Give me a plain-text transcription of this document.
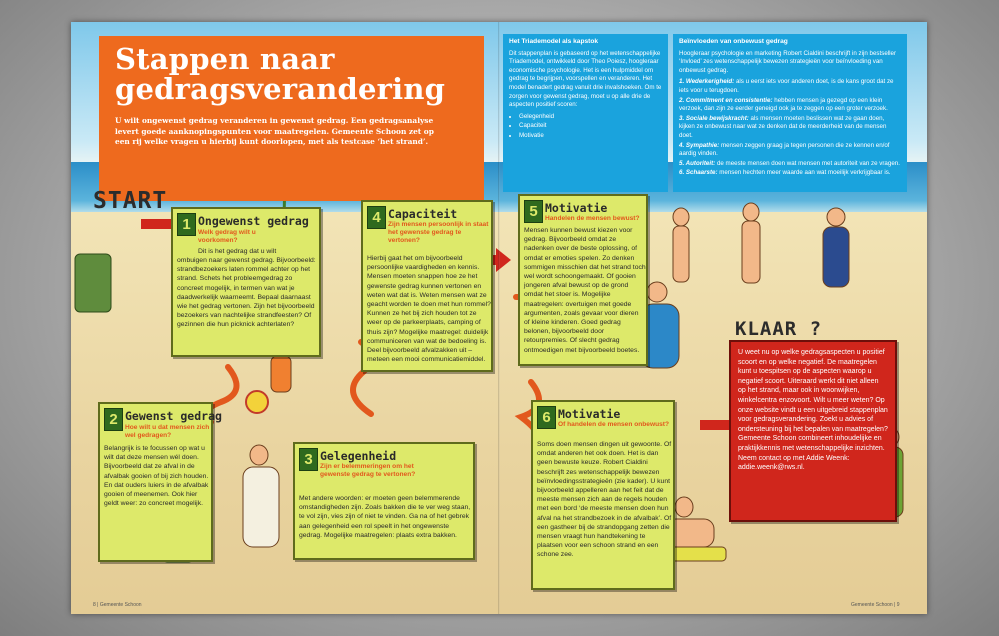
Stappen naar gedragsverandering

U wilt ongewenst gedrag veranderen in gewenst gedrag. Een gedragsanalyse levert goede aanknopingspunten voor maatregelen. Gemeente Schoon zet op een rij welke vragen u hierbij kunt doorlopen, met als testcase ‘het strand’.

Het Triademodel als kapstok

Dit stappenplan is gebaseerd op het wetenschappelijke Triademodel, ontwikkeld door Theo Poiesz, hoogleraar economische psychologie. Het is een hulpmiddel om gedrag te begrijpen, voorspellen en veranderen. Het model benadert gedrag vanuit drie invalshoeken. Om te zorgen voor gewenst gedrag, moet u op alle drie de aspecten positief scoren:

• Gelegenheid
• Capaciteit
• Motivatie
Beïnvloeden van onbewust gedrag

Hoogleraar psychologie en marketing Robert Cialdini beschrijft in zijn bestseller ‘Invloed’ zes wetenschappelijk bewezen strategieën voor beïnvloeding van onbewust gedrag.

1. Wederkerigheid: als u eerst iets voor anderen doet, is de kans groot dat ze iets voor u terugdoen.
2. Commitment en consistentie: hebben mensen ja gezegd op een klein verzoek, dan zijn ze eerder geneigd ook ja te zeggen op een groter verzoek.
3. Sociale bewijskracht: als mensen moeten beslissen wat ze gaan doen, kijken ze onbewust naar wat ze denken dat de meerderheid van de mensen doet.
4. Sympathie: mensen zeggen graag ja tegen personen die ze kennen en/of aardig vinden.
5. Autoriteit: de meeste mensen doen wat mensen met autoriteit van ze vragen.
6. Schaarste: mensen hechten meer waarde aan wat moeilijk verkrijgbaar is.
START
1 Ongewenst gedrag

Welk gedrag wilt u voorkomen?

Dit is het gedrag dat u wilt

ombuigen naar gewenst gedrag. Bijvoorbeeld: strandbezoekers laten rommel achter op het strand. Schets het probleemgedrag zo concreet mogelijk, in termen van wat je daadwerkelijk waarneemt. Bepaal daarnaast wie het gedrag vertonen. Zijn het bijvoorbeeld bezoekers van nachtelijke strandfeesten? Of gezinnen die hun picknick achterlaten?

2 Gewenst gedrag

Hoe wilt u dat mensen zich wel gedragen?

Belangrijk is te focussen op wat u wilt dat deze mensen wél doen. Bijvoorbeeld dat ze afval in de afvalbak gooien of bij zich houden. En dat ouders luiers in de afvalbak gooien of meenemen. Ook hier geldt weer: zo concreet mogelijk.

3 Gelegenheid

Zijn er belemmeringen om het gewenste gedrag te vertonen?

Met andere woorden: er moeten geen belemmerende omstandigheden zijn. Zoals bakken die te ver weg staan, te vol zijn, vies zijn of niet te vinden. Ga na of het gebrek aan gelegenheid een rol speelt in het ongewenste gedrag. Mogelijke maatregelen: plaats extra bakken.

4 Capaciteit

Zijn mensen persoonlijk in staat het gewenste gedrag te vertonen?

Hierbij gaat het om bijvoorbeeld persoonlijke vaardigheden en kennis. Mensen moeten snappen hoe ze het gewenste gedrag kunnen vertonen en weten wat dat is. Weten mensen wat ze geacht worden te doen met hun rommel? Kunnen ze het bij zich houden tot ze weer op de parkeerplaats, camping of thuis zijn? Mogelijke maatregel: duidelijk communiceren van wat de bedoeling is. Deel bijvoorbeeld afvalzakken uit – meteen een mooi communicatiemiddel.

5 Motivatie

Handelen de mensen bewust?

Mensen kunnen bewust kiezen voor gedrag. Bijvoorbeeld omdat ze nadenken over de beste oplossing, of omdat er emoties spelen. Zo denken sommigen misschien dat het strand toch wel wordt schoongemaakt. Of gooien jongeren afval bewust op de grond omdat het stoer is. Mogelijke maatregelen: overtuigen met goede argumenten, zoals gevaar voor dieren of kleine kinderen. Goed gedrag belonen, bijvoorbeeld door retourpremies. Of slecht gedrag ontmoedigen met bijvoorbeeld boetes.

6 Motivatie

Of handelen de mensen onbewust?

Soms doen mensen dingen uit gewoonte. Of omdat anderen het ook doen. Het is dan geen bewuste keuze. Robert Cialdini beschrijft zes wetenschappelijk bewezen beïnvloedingsstrategieën (zie kader). U kunt bijvoorbeeld appelleren aan het feit dat de meeste mensen zich aan de regels houden met een bord ‘de meeste mensen doen hun afval na het strandbezoek in de afvalbak’. Of een gastheer bij de strandopgang zetten die mensen vraagt hun handtekening te plaatsen voor een schoon strand en een schone zee.

KLAAR ?

U weet nu op welke gedragsaspecten u positief scoort en op welke negatief. De maatregelen kunt u toespitsen op de aspecten waarop u negatief scoort. Uiteraard werkt dit niet alleen op het strand, maar ook in woonwijken, winkelcentra enzovoort. Wilt u meer weten? Op onze website vindt u een uitgebreid stappenplan voor gedragsverandering. Zoekt u advies of ondersteuning bij het bepalen van maatregelen? Gemeente Schoon combineert inhoudelijke en praktijkkennis met wetenschappelijke inzichten. Neem contact op met Addie Weenk: addie.weenk@rws.nl.

8 | Gemeente Schoon	Gemeente Schoon | 9
